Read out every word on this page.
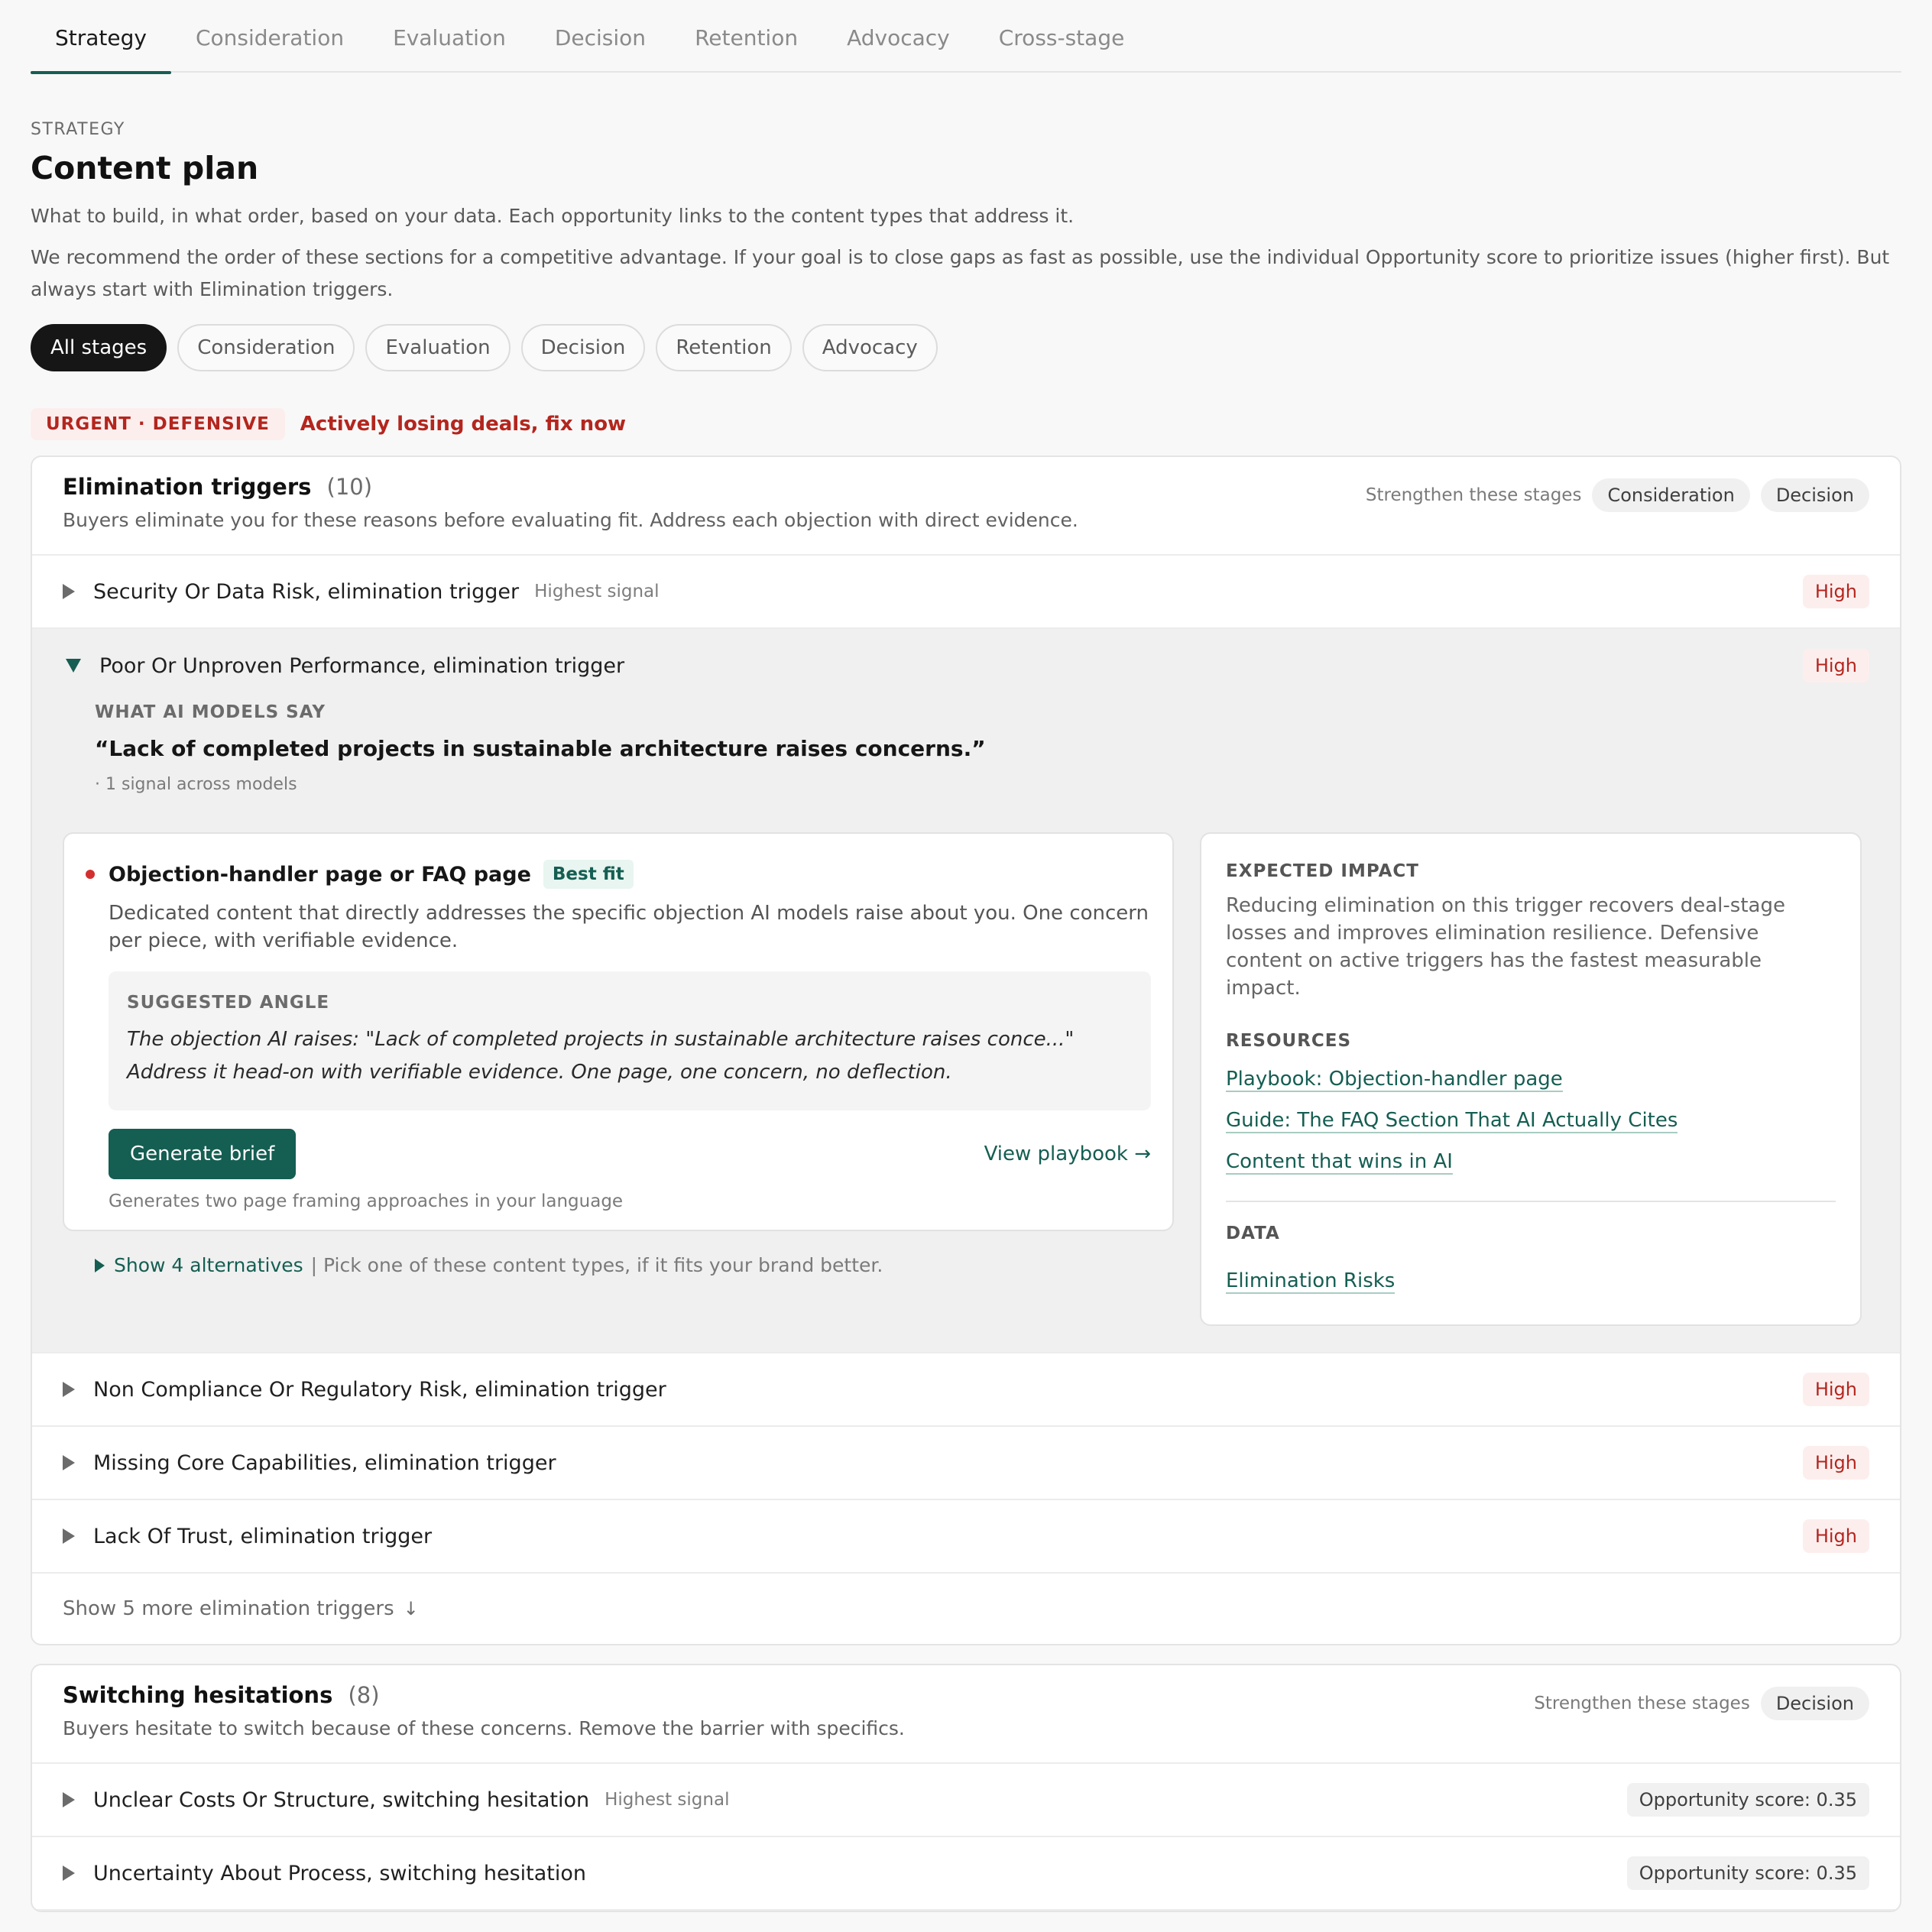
Strategy	Consideration	Evaluation	Decision	Retention	Advocacy	Cross-stage
STRATEGY
Content plan

What to build, in what order, based on your data. Each opportunity links to the content types that address it.

We recommend the order of these sections for a competitive advantage. If your goal is to close gaps as fast as possible, use the individual Opportunity score to prioritize issues (higher first). But always start with Elimination triggers.

All stages	Consideration	Evaluation	Decision	Retention	Advocacy
URGENT · DEFENSIVE	Actively losing deals, fix now
Elimination triggers (10)
Buyers eliminate you for these reasons before evaluating fit. Address each objection with direct evidence.
Strengthen these stages	Consideration	Decision
Security Or Data Risk, elimination trigger Highest signal	High
Poor Or Unproven Performance, elimination trigger	High
WHAT AI MODELS SAY
“Lack of completed projects in sustainable architecture raises concerns.”
· 1 signal across models
Objection-handler page or FAQ page	Best fit

Dedicated content that directly addresses the specific objection AI models raise about you. One concern per piece, with verifiable evidence.

SUGGESTED ANGLE
The objection AI raises: "Lack of completed projects in sustainable architecture raises conce..."
Address it head-on with verifiable evidence. One page, one concern, no deflection.
Generate brief	View playbook →
Generates two page framing approaches in your language
Show 4 alternatives | Pick one of these content types, if it fits your brand better.
EXPECTED IMPACT

Reducing elimination on this trigger recovers deal-stage losses and improves elimination resilience. Defensive content on active triggers has the fastest measurable impact.

RESOURCES
Playbook: Objection-handler page
Guide: The FAQ Section That AI Actually Cites
Content that wins in AI
DATA
Elimination Risks
Non Compliance Or Regulatory Risk, elimination trigger	High
Missing Core Capabilities, elimination trigger	High
Lack Of Trust, elimination trigger	High
Show 5 more elimination triggers ↓
Switching hesitations (8)
Buyers hesitate to switch because of these concerns. Remove the barrier with specifics.
Strengthen these stages	Decision
Unclear Costs Or Structure, switching hesitation Highest signal	Opportunity score: 0.35
Uncertainty About Process, switching hesitation	Opportunity score: 0.35
